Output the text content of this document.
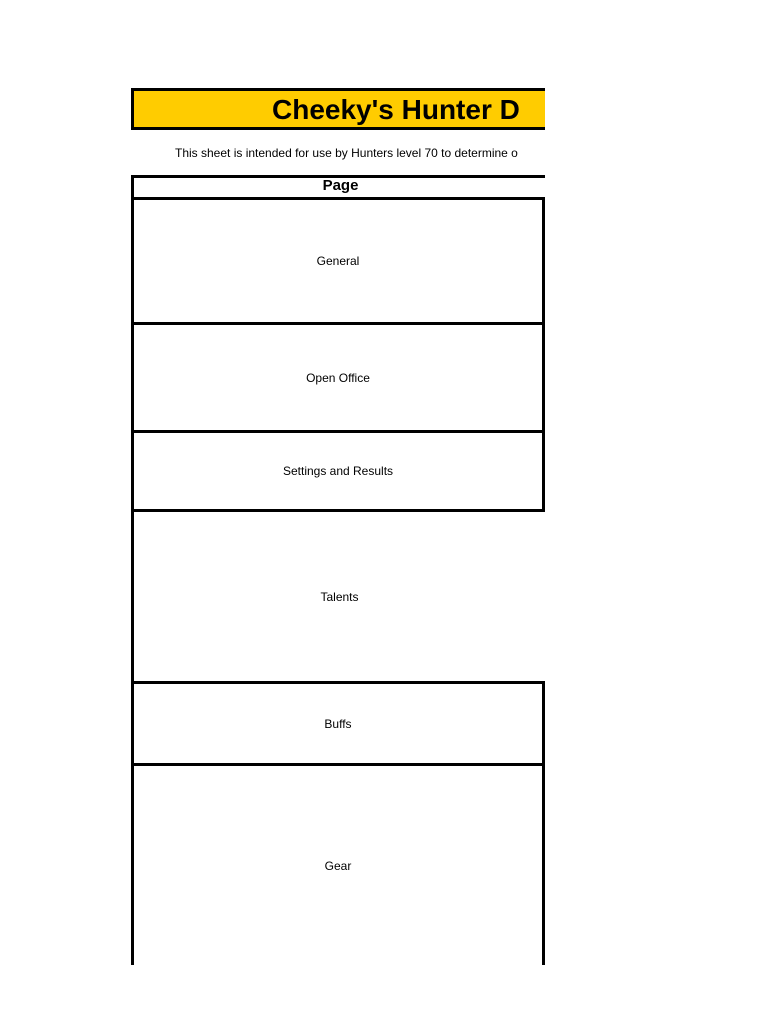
Cheeky's Hunter D
This sheet is intended for use by Hunters level 70 to determine o
Page
General
Open Office
Settings and Results
Talents
Buffs
Gear
